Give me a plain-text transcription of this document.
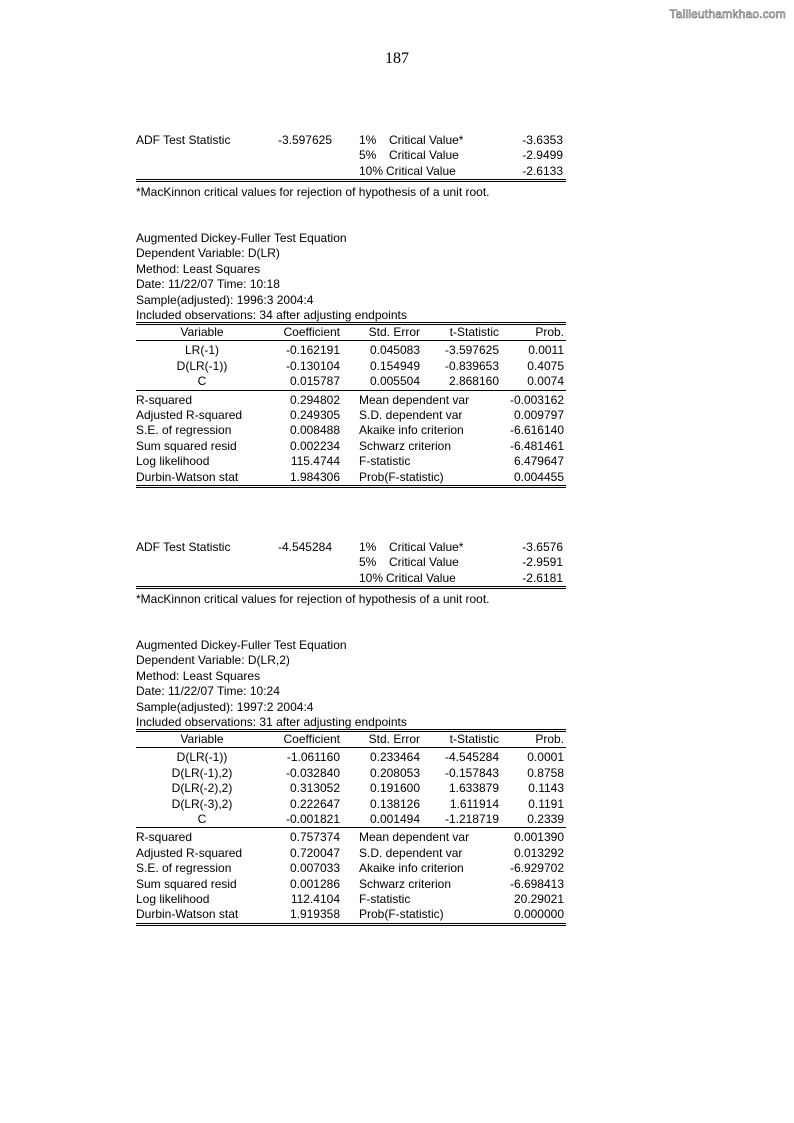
Tailieuthamkhao.com
187
ADF Test Statistic	-3.597625 1% Critical Value*	-3.6353
5% Critical Value	-2.9499
10% Critical Value	-2.6133
*MacKinnon critical values for rejection of hypothesis of a unit root.
Augmented Dickey-Fuller Test Equation
Dependent Variable: D(LR)
Method: Least Squares
Date: 11/22/07 Time: 10:18
Sample(adjusted): 1996:3 2004:4
Included observations: 34 after adjusting endpoints
Variable	Coefficient	Std. Error	t-Statistic	Prob.
LR(-1)	-0.162191	0.045083	-3.597625	0.0011
D(LR(-1))	-0.130104	0.154949	-0.839653	0.4075
C	0.015787	0.005504	2.868160	0.0074
R-squared	0.294802 Mean dependent var	-0.003162
Adjusted R-squared	0.249305 S.D. dependent var	0.009797
S.E. of regression	0.008488 Akaike info criterion	-6.616140
Sum squared resid	0.002234 Schwarz criterion	-6.481461
Log likelihood	115.4744 F-statistic	6.479647
Durbin-Watson stat	1.984306 Prob(F-statistic)	0.004455
ADF Test Statistic	-4.545284 1% Critical Value*	-3.6576
5% Critical Value	-2.9591
10% Critical Value	-2.6181
*MacKinnon critical values for rejection of hypothesis of a unit root.
Augmented Dickey-Fuller Test Equation
Dependent Variable: D(LR,2)
Method: Least Squares
Date: 11/22/07 Time: 10:24
Sample(adjusted): 1997:2 2004:4
Included observations: 31 after adjusting endpoints
Variable	Coefficient	Std. Error	t-Statistic	Prob.
D(LR(-1))	-1.061160	0.233464	-4.545284	0.0001
D(LR(-1),2)	-0.032840	0.208053	-0.157843	0.8758
D(LR(-2),2)	0.313052	0.191600	1.633879	0.1143
D(LR(-3),2)	0.222647	0.138126	1.611914	0.1191
C	-0.001821	0.001494	-1.218719	0.2339
R-squared	0.757374 Mean dependent var	0.001390
Adjusted R-squared	0.720047 S.D. dependent var	0.013292
S.E. of regression	0.007033 Akaike info criterion	-6.929702
Sum squared resid	0.001286 Schwarz criterion	-6.698413
Log likelihood	112.4104 F-statistic	20.29021
Durbin-Watson stat	1.919358 Prob(F-statistic)	0.000000
